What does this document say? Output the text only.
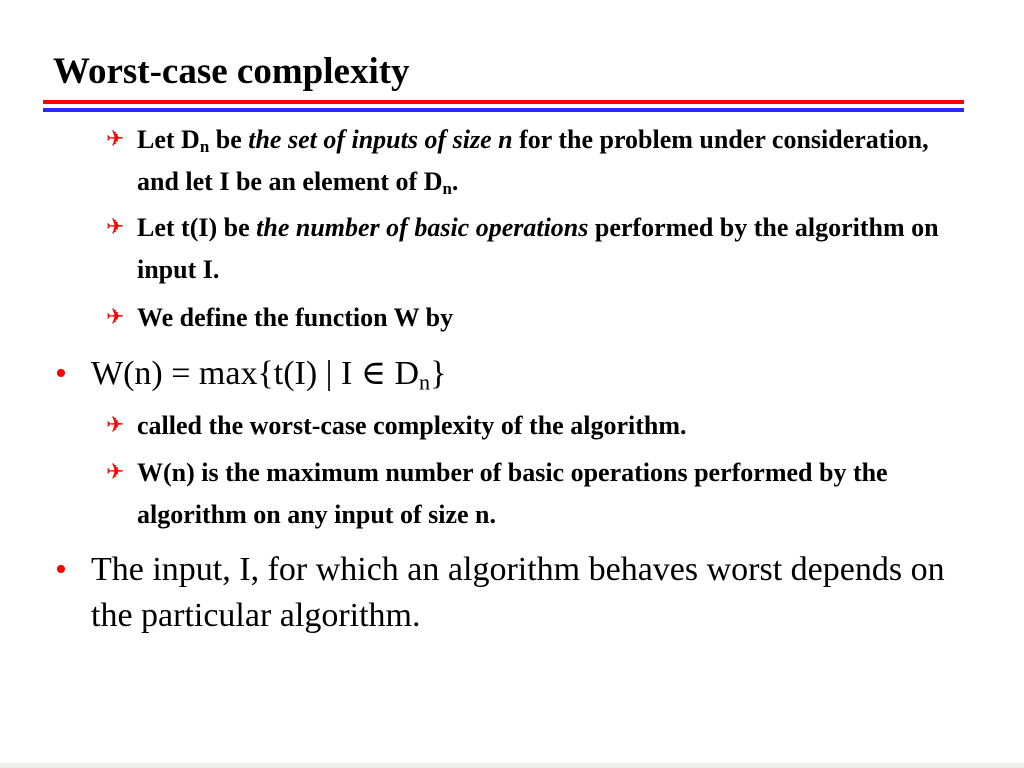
Worst-case complexity
✈ Let $D_n$ be the set of inputs of size n for the problem under consideration, and let I be an element of $D_n$.
✈ Let t(I) be the number of basic operations performed by the algorithm on input I.
✈ We define the function W by
• W(n) = max{t(I) | I ∈ $D_n$}
✈ called the worst-case complexity of the algorithm.
✈ W(n) is the maximum number of basic operations performed by the algorithm on any input of size n.
• The input, I, for which an algorithm behaves worst depends on the particular algorithm.
